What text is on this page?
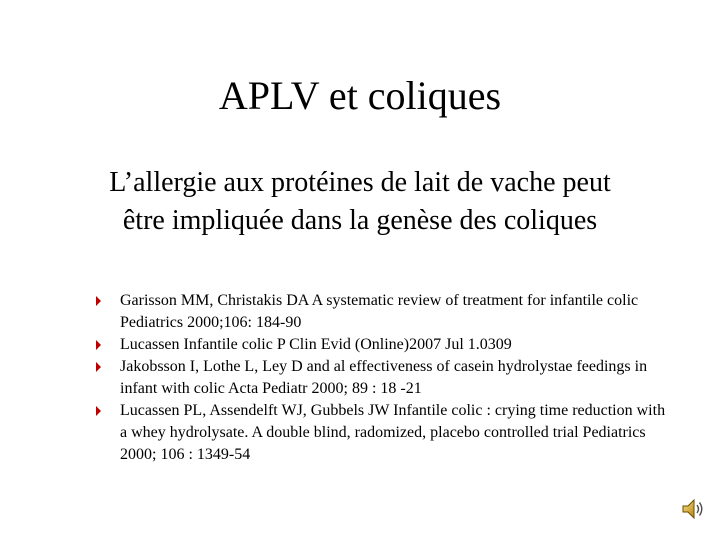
APLV et coliques
L’allergie aux protéines de lait de vache peut
être impliquée dans la genèse des coliques
Garisson MM, Christakis DA A systematic review of treatment for infantile colic Pediatrics 2000;106: 184-90
Lucassen Infantile colic P Clin Evid (Online)2007 Jul 1.0309
Jakobsson I, Lothe L, Ley D and al effectiveness of casein hydrolystae feedings in infant with colic Acta Pediatr 2000; 89 : 18 -21
Lucassen PL, Assendelft WJ, Gubbels JW Infantile colic : crying time reduction with a whey hydrolysate. A double blind, radomized, placebo controlled trial Pediatrics 2000; 106 : 1349-54
